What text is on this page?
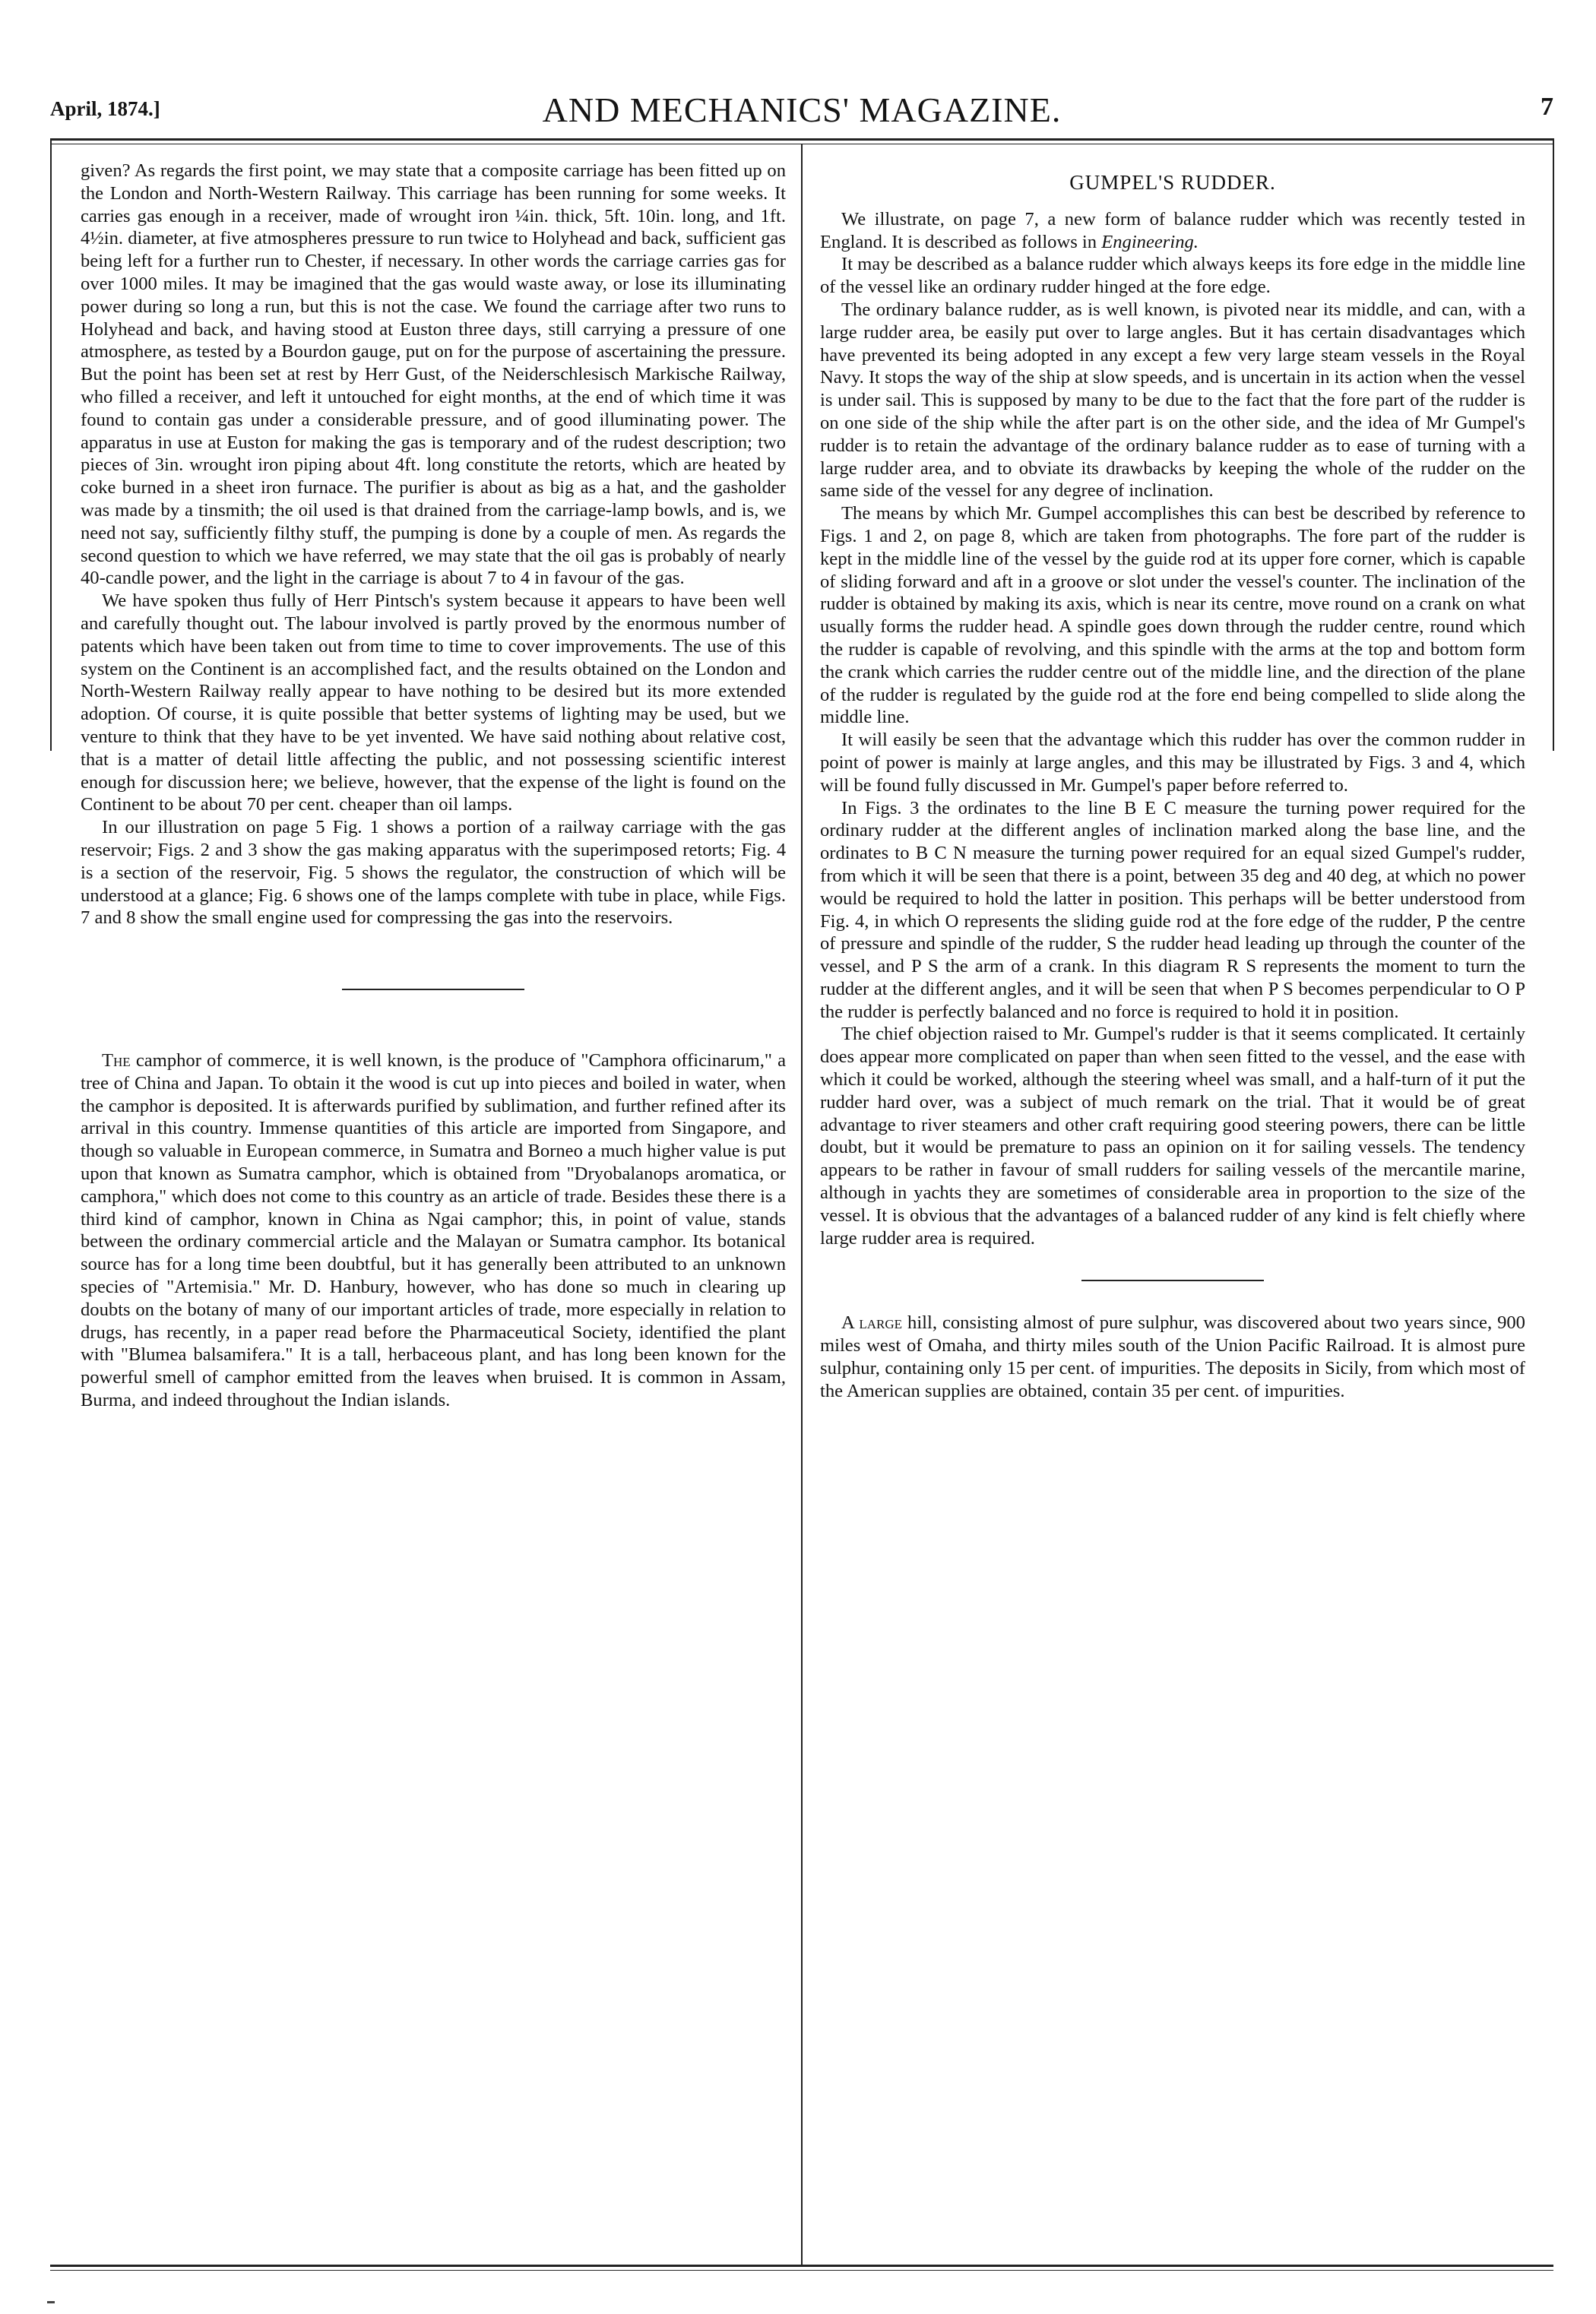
April, 1874.]	AND MECHANICS' MAGAZINE.	7

given? As regards the first point, we may state that a composite carriage has been fitted up on the London and North-Western Railway. This carriage has been running for some weeks. It carries gas enough in a receiver, made of wrought iron ¼in. thick, 5ft. 10in. long, and 1ft. 4½in. diameter, at five atmospheres pressure to run twice to Holyhead and back, sufficient gas being left for a further run to Chester, if necessary. In other words the carriage carries gas for over 1000 miles. It may be imagined that the gas would waste away, or lose its illuminating power during so long a run, but this is not the case. We found the carriage after two runs to Holyhead and back, and having stood at Euston three days, still carrying a pressure of one atmosphere, as tested by a Bourdon gauge, put on for the purpose of ascertaining the pressure. But the point has been set at rest by Herr Gust, of the Neiderschlesisch Markische Railway, who filled a receiver, and left it untouched for eight months, at the end of which time it was found to contain gas under a considerable pressure, and of good illuminating power. The apparatus in use at Euston for making the gas is temporary and of the rudest description; two pieces of 3in. wrought iron piping about 4ft. long constitute the retorts, which are heated by coke burned in a sheet iron furnace. The purifier is about as big as a hat, and the gasholder was made by a tinsmith; the oil used is that drained from the carriage-lamp bowls, and is, we need not say, sufficiently filthy stuff, the pumping is done by a couple of men. As regards the second question to which we have referred, we may state that the oil gas is probably of nearly 40-candle power, and the light in the carriage is about 7 to 4 in favour of the gas.

We have spoken thus fully of Herr Pintsch's system because it appears to have been well and carefully thought out. The labour involved is partly proved by the enormous number of patents which have been taken out from time to time to cover improvements. The use of this system on the Continent is an accomplished fact, and the results obtained on the London and North-Western Railway really appear to have nothing to be desired but its more extended adoption. Of course, it is quite possible that better systems of lighting may be used, but we venture to think that they have to be yet invented. We have said nothing about relative cost, that is a matter of detail little affecting the public, and not possessing scientific interest enough for discussion here; we believe, however, that the expense of the light is found on the Continent to be about 70 per cent. cheaper than oil lamps.

In our illustration on page 5 Fig. 1 shows a portion of a railway carriage with the gas reservoir; Figs. 2 and 3 show the gas making apparatus with the superimposed retorts; Fig. 4 is a section of the reservoir, Fig. 5 shows the regulator, the construction of which will be understood at a glance; Fig. 6 shows one of the lamps complete with tube in place, while Figs. 7 and 8 show the small engine used for compressing the gas into the reservoirs.

The camphor of commerce, it is well known, is the produce of "Camphora officinarum," a tree of China and Japan. To obtain it the wood is cut up into pieces and boiled in water, when the camphor is deposited. It is afterwards purified by sublimation, and further refined after its arrival in this country. Immense quantities of this article are imported from Singapore, and though so valuable in European commerce, in Sumatra and Borneo a much higher value is put upon that known as Sumatra camphor, which is obtained from "Dryobalanops aromatica, or camphora," which does not come to this country as an article of trade. Besides these there is a third kind of camphor, known in China as Ngai camphor; this, in point of value, stands between the ordinary commercial article and the Malayan or Sumatra camphor. Its botanical source has for a long time been doubtful, but it has generally been attributed to an unknown species of "Artemisia." Mr. D. Hanbury, however, who has done so much in clearing up doubts on the botany of many of our important articles of trade, more especially in relation to drugs, has recently, in a paper read before the Pharmaceutical Society, identified the plant with "Blumea balsamifera." It is a tall, herbaceous plant, and has long been known for the powerful smell of camphor emitted from the leaves when bruised. It is common in Assam, Burma, and indeed throughout the Indian islands.

GUMPEL'S RUDDER.

We illustrate, on page 7, a new form of balance rudder which was recently tested in England. It is described as follows in Engineering.

It may be described as a balance rudder which always keeps its fore edge in the middle line of the vessel like an ordinary rudder hinged at the fore edge.

The ordinary balance rudder, as is well known, is pivoted near its middle, and can, with a large rudder area, be easily put over to large angles. But it has certain disadvantages which have prevented its being adopted in any except a few very large steam vessels in the Royal Navy. It stops the way of the ship at slow speeds, and is uncertain in its action when the vessel is under sail. This is supposed by many to be due to the fact that the fore part of the rudder is on one side of the ship while the after part is on the other side, and the idea of Mr Gumpel's rudder is to retain the advantage of the ordinary balance rudder as to ease of turning with a large rudder area, and to obviate its drawbacks by keeping the whole of the rudder on the same side of the vessel for any degree of inclination.

The means by which Mr. Gumpel accomplishes this can best be described by reference to Figs. 1 and 2, on page 8, which are taken from photographs. The fore part of the rudder is kept in the middle line of the vessel by the guide rod at its upper fore corner, which is capable of sliding forward and aft in a groove or slot under the vessel's counter. The inclination of the rudder is obtained by making its axis, which is near its centre, move round on a crank on what usually forms the rudder head. A spindle goes down through the rudder centre, round which the rudder is capable of revolving, and this spindle with the arms at the top and bottom form the crank which carries the rudder centre out of the middle line, and the direction of the plane of the rudder is regulated by the guide rod at the fore end being compelled to slide along the middle line.

It will easily be seen that the advantage which this rudder has over the common rudder in point of power is mainly at large angles, and this may be illustrated by Figs. 3 and 4, which will be found fully discussed in Mr. Gumpel's paper before referred to.

In Figs. 3 the ordinates to the line B E C measure the turning power required for the ordinary rudder at the different angles of inclination marked along the base line, and the ordinates to B C N measure the turning power required for an equal sized Gumpel's rudder, from which it will be seen that there is a point, between 35 deg and 40 deg, at which no power would be required to hold the latter in position. This perhaps will be better understood from Fig. 4, in which O represents the sliding guide rod at the fore edge of the rudder, P the centre of pressure and spindle of the rudder, S the rudder head leading up through the counter of the vessel, and P S the arm of a crank. In this diagram R S represents the moment to turn the rudder at the different angles, and it will be seen that when P S becomes perpendicular to O P the rudder is perfectly balanced and no force is required to hold it in position.

The chief objection raised to Mr. Gumpel's rudder is that it seems complicated. It certainly does appear more complicated on paper than when seen fitted to the vessel, and the ease with which it could be worked, although the steering wheel was small, and a half-turn of it put the rudder hard over, was a subject of much remark on the trial. That it would be of great advantage to river steamers and other craft requiring good steering powers, there can be little doubt, but it would be premature to pass an opinion on it for sailing vessels. The tendency appears to be rather in favour of small rudders for sailing vessels of the mercantile marine, although in yachts they are sometimes of considerable area in proportion to the size of the vessel. It is obvious that the advantages of a balanced rudder of any kind is felt chiefly where large rudder area is required.

A large hill, consisting almost of pure sulphur, was discovered about two years since, 900 miles west of Omaha, and thirty miles south of the Union Pacific Railroad. It is almost pure sulphur, containing only 15 per cent. of impurities. The deposits in Sicily, from which most of the American supplies are obtained, contain 35 per cent. of impurities.
